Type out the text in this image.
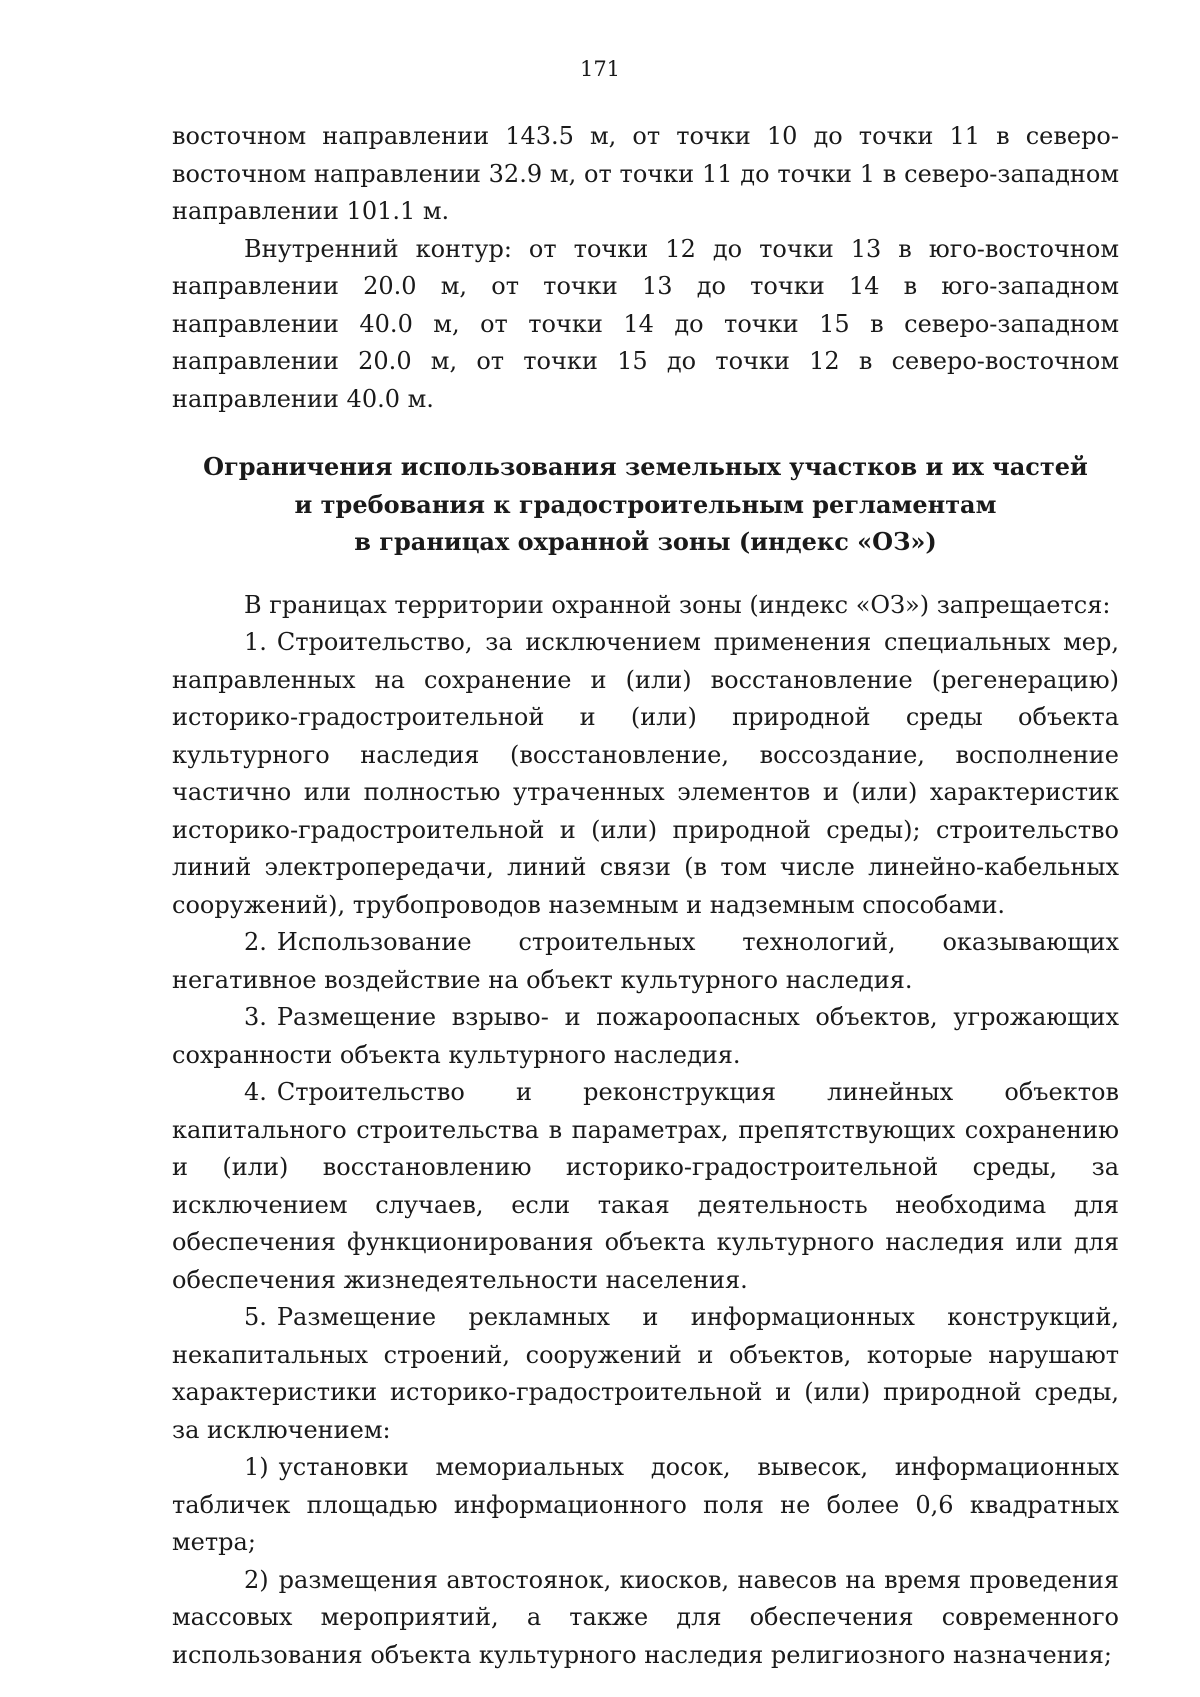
171

восточном направлении 143.5 м, от точки 10 до точки 11 в северо-восточном направлении 32.9 м, от точки 11 до точки 1 в северо-западном направлении 101.1 м.

Внутренний контур: от точки 12 до точки 13 в юго-восточном направлении 20.0 м, от точки 13 до точки 14 в юго-западном направлении 40.0 м, от точки 14 до точки 15 в северо-западном направлении 20.0 м, от точки 15 до точки 12 в северо-восточном направлении 40.0 м.

Ограничения использования земельных участков и их частей
и требования к градостроительным регламентам
в границах охранной зоны (индекс «ОЗ»)

В границах территории охранной зоны (индекс «ОЗ») запрещается:

1. Строительство, за исключением применения специальных мер, направленных на сохранение и (или) восстановление (регенерацию) историко-градостроительной и (или) природной среды объекта культурного наследия (восстановление, воссоздание, восполнение частично или полностью утраченных элементов и (или) характеристик историко-градостроительной и (или) природной среды); строительство линий электропередачи, линий связи (в том числе линейно-кабельных сооружений), трубопроводов наземным и надземным способами.
2. Использование строительных технологий, оказывающих негативное воздействие на объект культурного наследия.
3. Размещение взрыво- и пожароопасных объектов, угрожающих сохранности объекта культурного наследия.
4. Строительство и реконструкция линейных объектов капитального строительства в параметрах, препятствующих сохранению и (или) восстановлению историко-градостроительной среды, за исключением случаев, если такая деятельность необходима для обеспечения функционирования объекта культурного наследия или для обеспечения жизнедеятельности населения.
5. Размещение рекламных и информационных конструкций, некапитальных строений, сооружений и объектов, которые нарушают характеристики историко-градостроительной и (или) природной среды, за исключением:
1) установки мемориальных досок, вывесок, информационных табличек площадью информационного поля не более 0,6 квадратных метра;
2) размещения автостоянок, киосков, навесов на время проведения массовых мероприятий, а также для обеспечения современного использования объекта культурного наследия религиозного назначения;
